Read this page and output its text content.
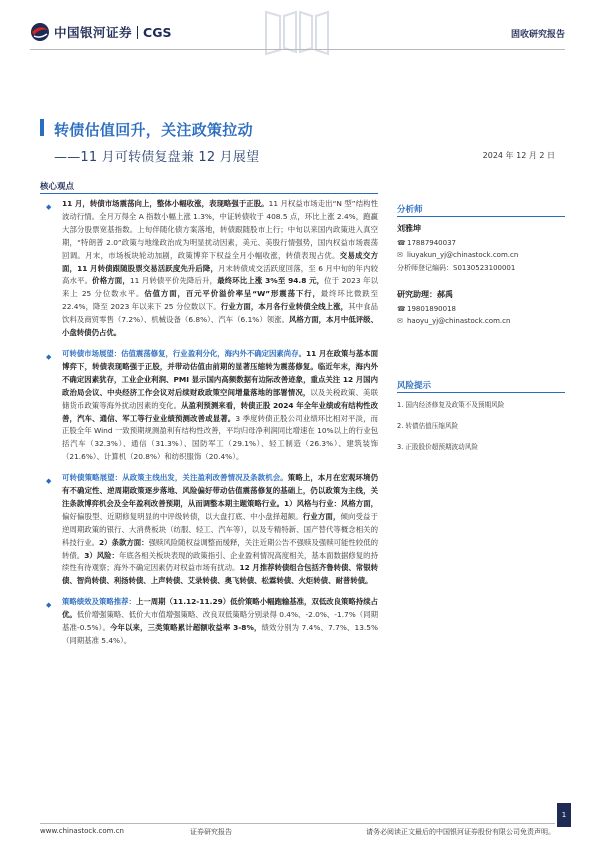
中国银河证券 CGS	固收研究报告
转债估值回升，关注政策拉动
——11 月可转债复盘兼 12 月展望	2024 年 12 月 2 日
核心观点
◆ 11 月，转债市场震荡向上，整体小幅收涨，表现略强于正股。11 月权益市场走出“N 型”结构性波动行情。全月万得全 A 指数小幅上涨 1.3%，中证转债收于 408.5 点，环比上涨 2.4%，跑赢大部分股票宽基指数。上旬伴随化债方案落地，转债跟随股市上行；中旬以来国内政策进入真空期，“特朗普 2.0”政策与地缘政治成为明显扰动因素，美元、美股行情强势，国内权益市场震荡回调。月末，市场板块轮动加剧，政策博弈下权益全月小幅收涨，转债表现占优。交易成交方面，11 月转债跟随股票交易活跃度先升后降，月末转债成交活跃度回落，至 6 月中旬的年内较高水平。价格方面，11 月转债平价先降后升，最终环比上涨 3%至 94.8 元，位于 2023 年以来上 25 分位数水平。估值方面，百元平价溢价率呈“W”形震荡下行，最终环比微跌至 22.4%，降至 2023 年以来下 25 分位数以下。行业方面，本月各行业转债全线上涨，其中食品饮料及商贸零售（7.2%）、机械设备（6.8%）、汽车（6.1%）领涨。风格方面，本月中低评级、小盘转债仍占优。
◆ 可转债市场展望：估值震荡修复，行业盈利分化，海内外不确定因素尚存。11 月在政策与基本面博弈下，转债表现略强于正股，并带动估值由前期的显著压缩转为震荡修复。临近年末，海内外不确定因素犹存，工业企业利润、PMI 显示国内高频数据有边际改善迹象，重点关注 12 月国内政治局会议、中央经济工作会议对后续财政政策空间增量落地的部署情况，以及关税政策、美联储货币政策等海外扰动因素的变化。从盈利预测来看，转债正股 2024 年全年业绩或有结构性改善，汽车、通信、军工等行业业绩预测改善或显著。3 季度转债正股公司业绩环比相对平淡，而正股全年 Wind 一致预期规测盈利有结构性改善，平均归母净利润同比增速在 10%以上的行业包括汽车（32.3%）、通信（31.3%）、国防军工（29.1%）、轻工制造（26.3%）、建筑装饰（21.6%）、计算机（20.8%）和纺织服饰（20.4%）。
◆ 可转债策略展望：从政策主线出发，关注盈利改善情况及条款机会。策略上，本月在宏观环境仍有不确定性、逆周期政策逐步落地、风险偏好带动估值震荡修复的基础上，仍以政策为主线，关注条款博弈机会及全年盈利改善预期，从而调整本期主题策略行业。1）风格与行业：风格方面，偏好偏股型、近期修复明显的中评级转债，以大盘打底、中小盘择超额。行业方面，倾向受益于逆周期政策的银行、大消费板块（纺服、轻工、汽车等），以及专精特新、国产替代等概念相关的科技行业。2）条款方面：强赎风险随权益调整而缓释，关注近期公告不强赎及强赎可能性较低的转债。3）风险：年底各相关板块表现的政策指引、企业盈利情况高度相关，基本面数据修复的持续性有待观察；海外不确定因素仍对权益市场有扰动。12 月推荐转债组合包括齐鲁转债、常银转债、智尚转债、利扬转债、上声转债、艾录转债、奥飞转债、松霖转债、火炬转债、耐普转债。
◆ 策略绩效及策略推荐：上一周期（11.12-11.29）低价策略小幅跑输基准，双低改良策略持续占优。低价增强策略、低价大市值增强策略、改良双低策略分别录得 0.4%、-2.0%、-1.7%（同期基准-0.5%）。今年以来，三类策略累计超额收益率 3-8%，绩效分别为 7.4%、7.7%、13.5%（同期基准 5.4%）。
分析师
刘雅坤
☎ 17887940037
✉ liuyakun_yj@chinastock.com.cn
分析师登记编码：S0130523100001
研究助理：郝禹
☎ 19801890018
✉ haoyu_yj@chinastock.com.cn
风险提示
1. 国内经济修复及政策不及预期风险
2. 转债估值压缩风险
3. 正股股价超预期波动风险
www.chinastock.com.cn	证券研究报告	请务必阅读正文最后的中国银河证券股份有限公司免责声明。
1
